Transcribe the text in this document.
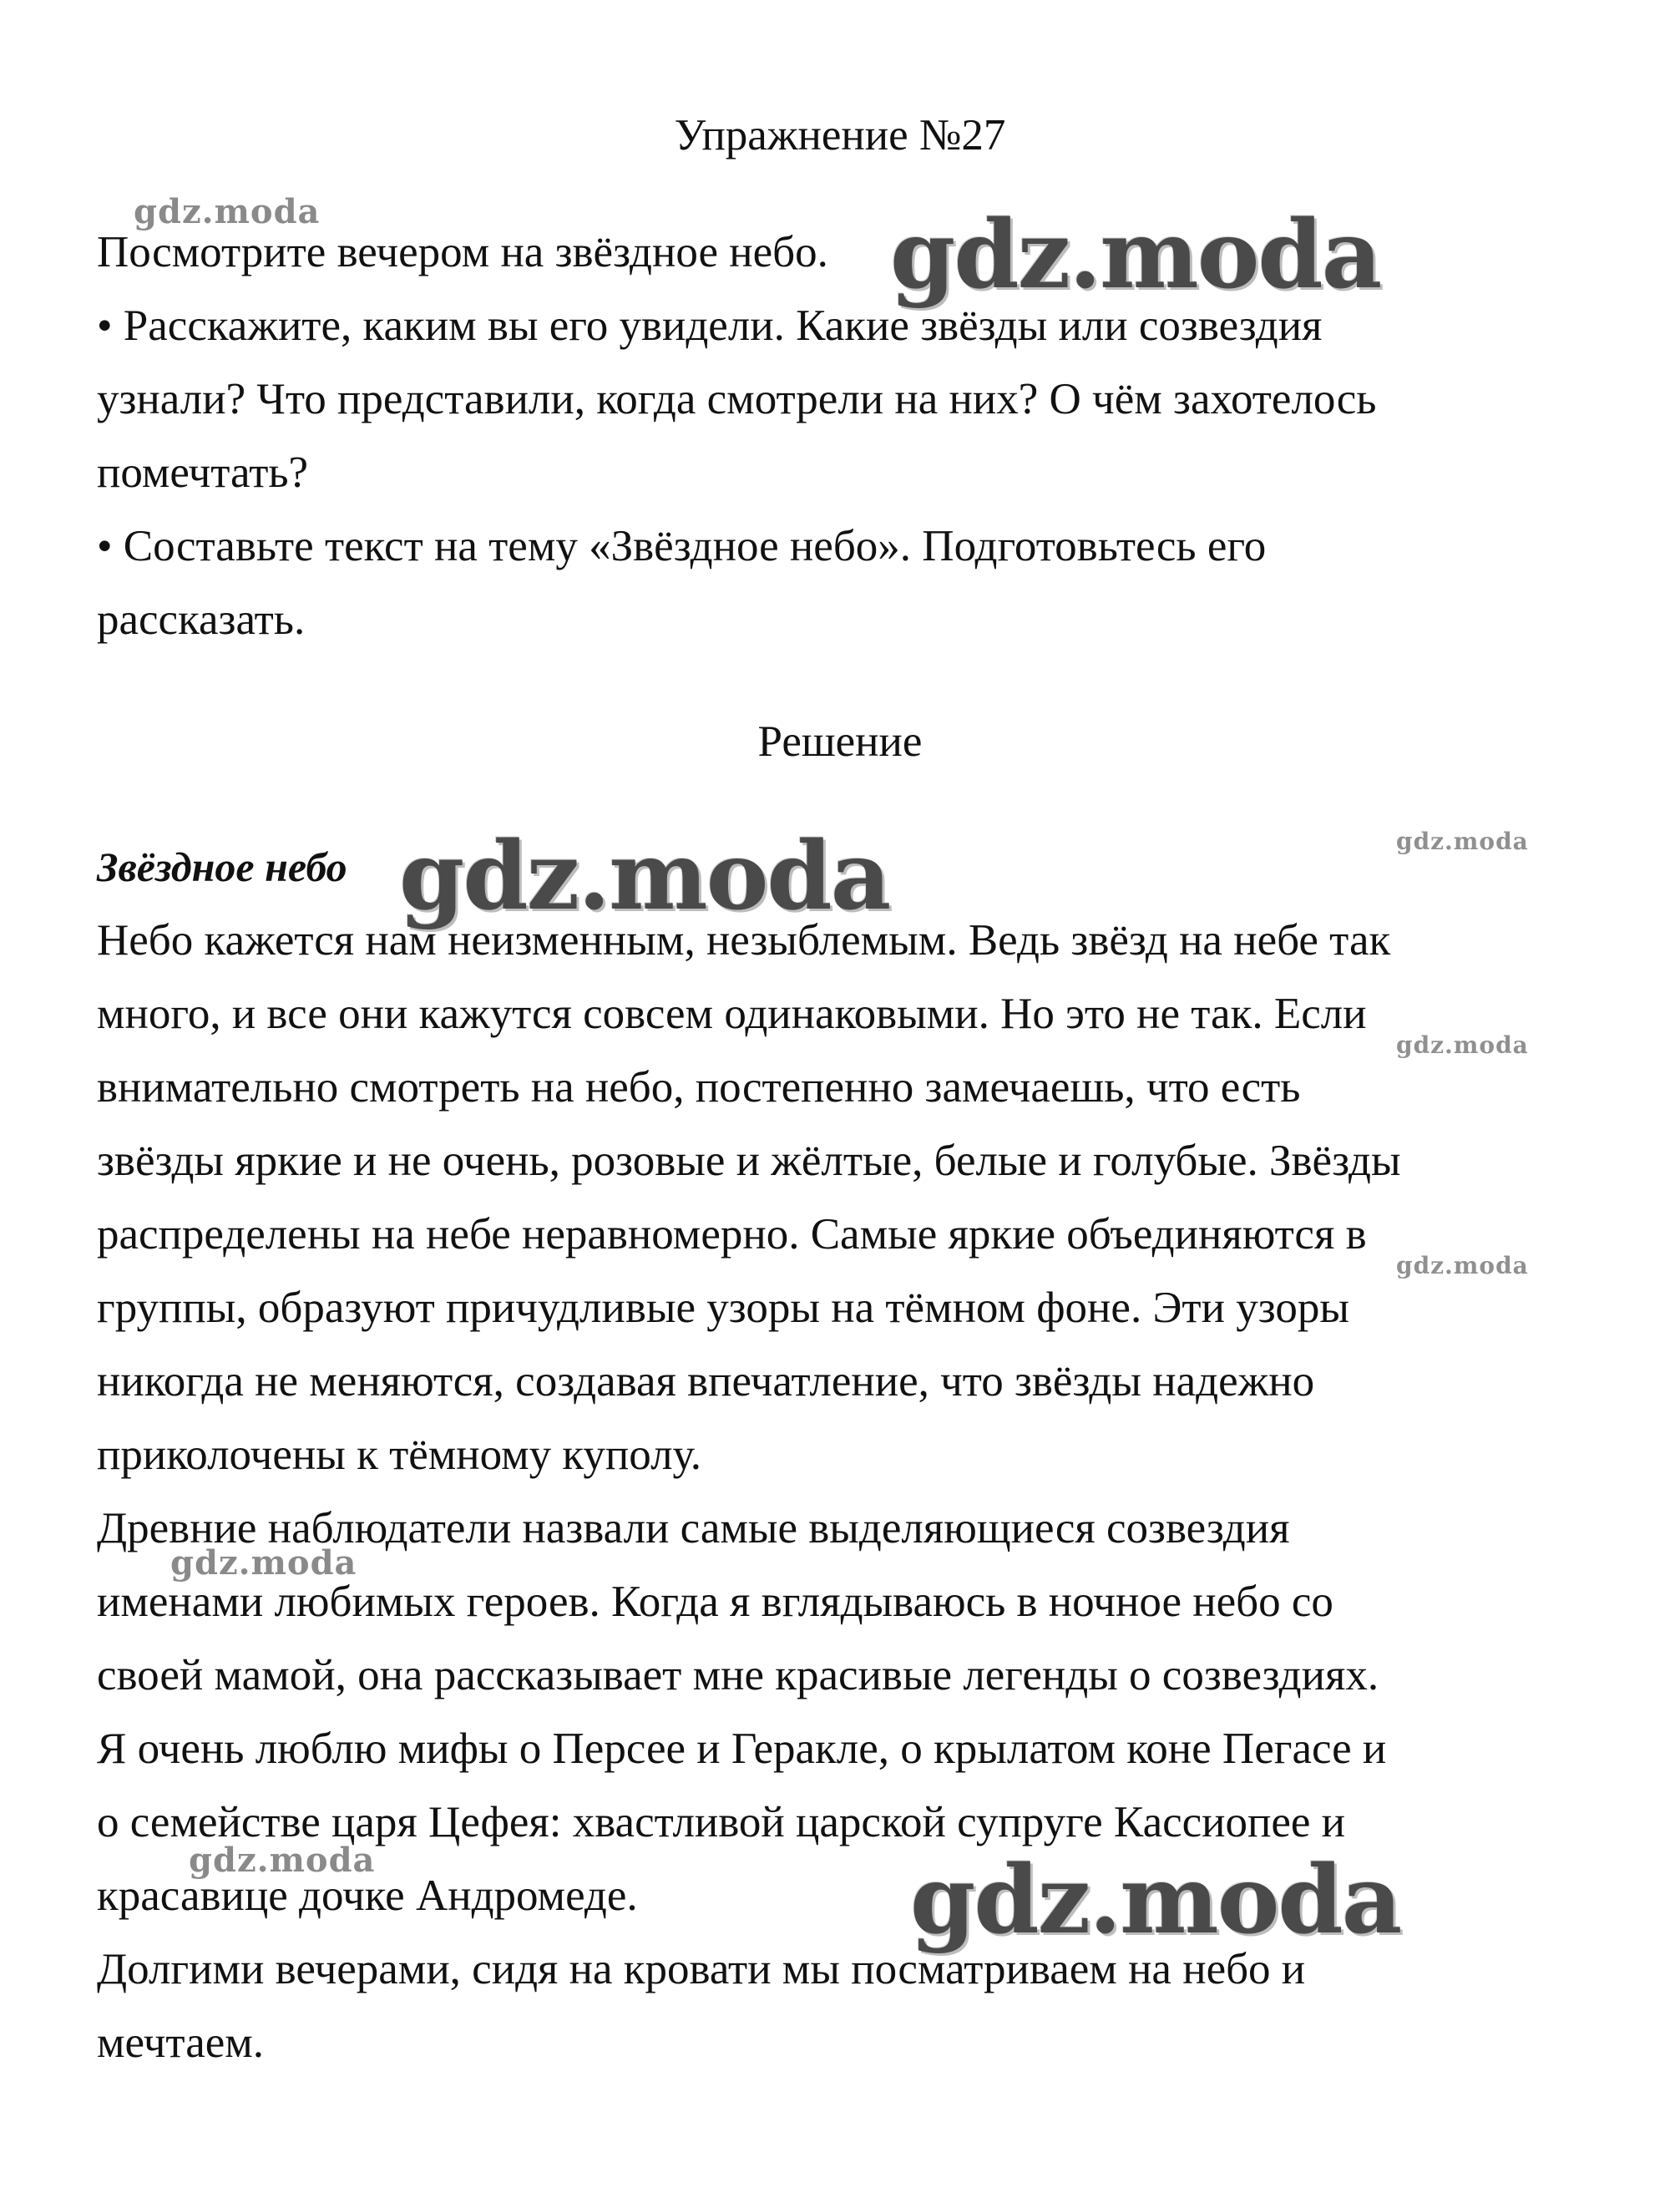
Упражнение №27

Посмотрите вечером на звёздное небо.

• Расскажите, каким вы его увидели. Какие звёзды или созвездия
узнали? Что представили, когда смотрели на них? О чём захотелось
помечтать?

• Составьте текст на тему «Звёздное небо». Подготовьтесь его
рассказать.

Решение
Звёздное небо

Небо кажется нам неизменным, незыблемым. Ведь звёзд на небе так
много, и все они кажутся совсем одинаковыми. Но это не так. Если
внимательно смотреть на небо, постепенно замечаешь, что есть
звёзды яркие и не очень, розовые и жёлтые, белые и голубые. Звёзды
распределены на небе неравномерно. Самые яркие объединяются в
группы, образуют причудливые узоры на тёмном фоне. Эти узоры
никогда не меняются, создавая впечатление, что звёзды надежно
приколочены к тёмному куполу.

Древние наблюдатели назвали самые выделяющиеся созвездия
именами любимых героев. Когда я вглядываюсь в ночное небо со
своей мамой, она рассказывает мне красивые легенды о созвездиях.
Я очень люблю мифы о Персее и Геракле, о крылатом коне Пегасе и
о семействе царя Цефея: хвастливой царской супруге Кассиопее и
красавице дочке Андромеде.

Долгими вечерами, сидя на кровати мы посматриваем на небо и
мечтаем.

gdz.moda	gdz.moda
gdz.moda
gdz.moda
gdz.moda
gdz.moda
gdz.moda
gdz.moda	gdz.moda
